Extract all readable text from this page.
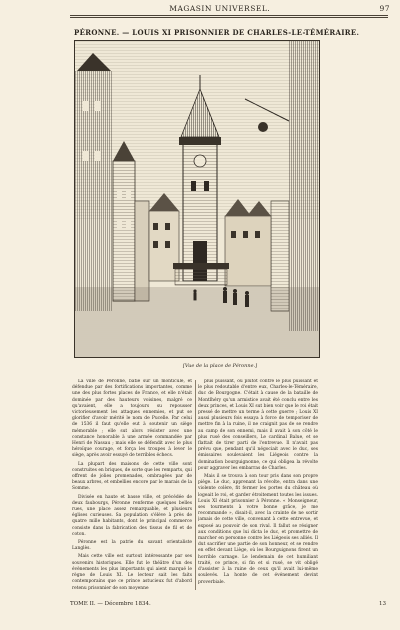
MAGASIN UNIVERSEL.	97
PÉRONNE. — LOUIS XI PRISONNIER DE CHARLES-LE-TÉMÉRAIRE.
[Vue de la place de Péronne.]

La ville de Péronne, bâtie sur un monticule, et défendue par des fortifications importantes, comme une des plus fortes places de France, et elle n'était dominée par des hauteurs voisines, malgré ce qu'avaient, elle a toujours su repousser victorieusement les attaques ennemies, et put se glorifier d'avoir mérité le nom de Pucelle. Par celui de 1536 il faut qu'elle eut à soutenir un siège mémorable ; elle sut alors résister avec une constance honorable à une armée commandée par Henri de Nassau ; mais elle se défendit avec le plus héroïque courage, et força les troupes à lever le siège, après avoir essuyé de terribles échecs.

La plupart des maisons de cette ville sont construites en briques, de sorte que les remparts, qui offrent de jolies promenades, ombragées par de beaux arbres, et embellies encore par le marais de la Somme.

Divisée en haute et basse ville, et précédée de deux faubourgs, Péronne renferme quelques belles rues, une place assez remarquable, et plusieurs églises curieuses. Sa population s'élève à près de quatre mille habitants, dont le principal commerce consiste dans la fabrication des tissus de fil et de coton.

Péronne est la patrie du savant orientaliste Langlès.

Mais cette ville est surtout intéressante par ses souvenirs historiques. Elle fut le théâtre d'un des évènements les plus importants qui aient marqué le règne de Louis XI. Le lecteur sait les faits contemporains que ce prince astucieux fut d'abord retenu prisonnier de son moyenne

plus puissant, ou plutôt contre le plus puissant et le plus redoutable d'entre eux, Charles-le-Téméraire, duc de Bourgogne. C'était à cause de la bataille de Montlhéry qu'un armistice avait été conclu entre les deux princes, et Louis XI sut bien voir que le roi était pressé de mettre un terme à cette guerre ; Louis XI aussi plusieurs fois essaya à force de temporiser de mettre fin à la ruine, il ne craignit pas de se rendre au camp de son ennemi, mais il avait à son côté le plus rusé des conseillers, Le cardinal Balue, et se flattait de tirer parti de l'entrevue. Il n'avait pas prévu que, pendant qu'il négociait avec le duc, ses émissaires soulevaient les Liégeois contre la domination bourguignonne, ce qui obligea la révolte pour aggraver les embarras de Charles.

Mais il se trouva à son tour pris dans son propre piège. Le duc, apprenant la révolte, entra dans une violente colère, fit fermer les portes du château où logeait le roi, et garder étroitement toutes les issues. Louis XI était prisonnier à Péronne. « Monseigneur, ses tourments à votre bonne grâce, je me recommande », disait-il, avec la crainte de ne sortir jamais de cette ville, convenant à cette entrevue, et exposé au pouvoir de son rival. Il fallut se résigner aux conditions que lui dicta le duc, et promettre de marcher en personne contre les Liégeois ses alliés. Il dut sacrifier une partie de son honneur, et se rendre en effet devant Liège, où les Bourguignons firent un horrible carnage. Le lendemain de cet humiliant traité, ce prince, si fin et si rusé, se vit obligé d'assister à la ruine de ceux qu'il avait lui-même soulevés. La honte de cet événement devint proverbiale.

TOME II. — Décembre 1834.	13
